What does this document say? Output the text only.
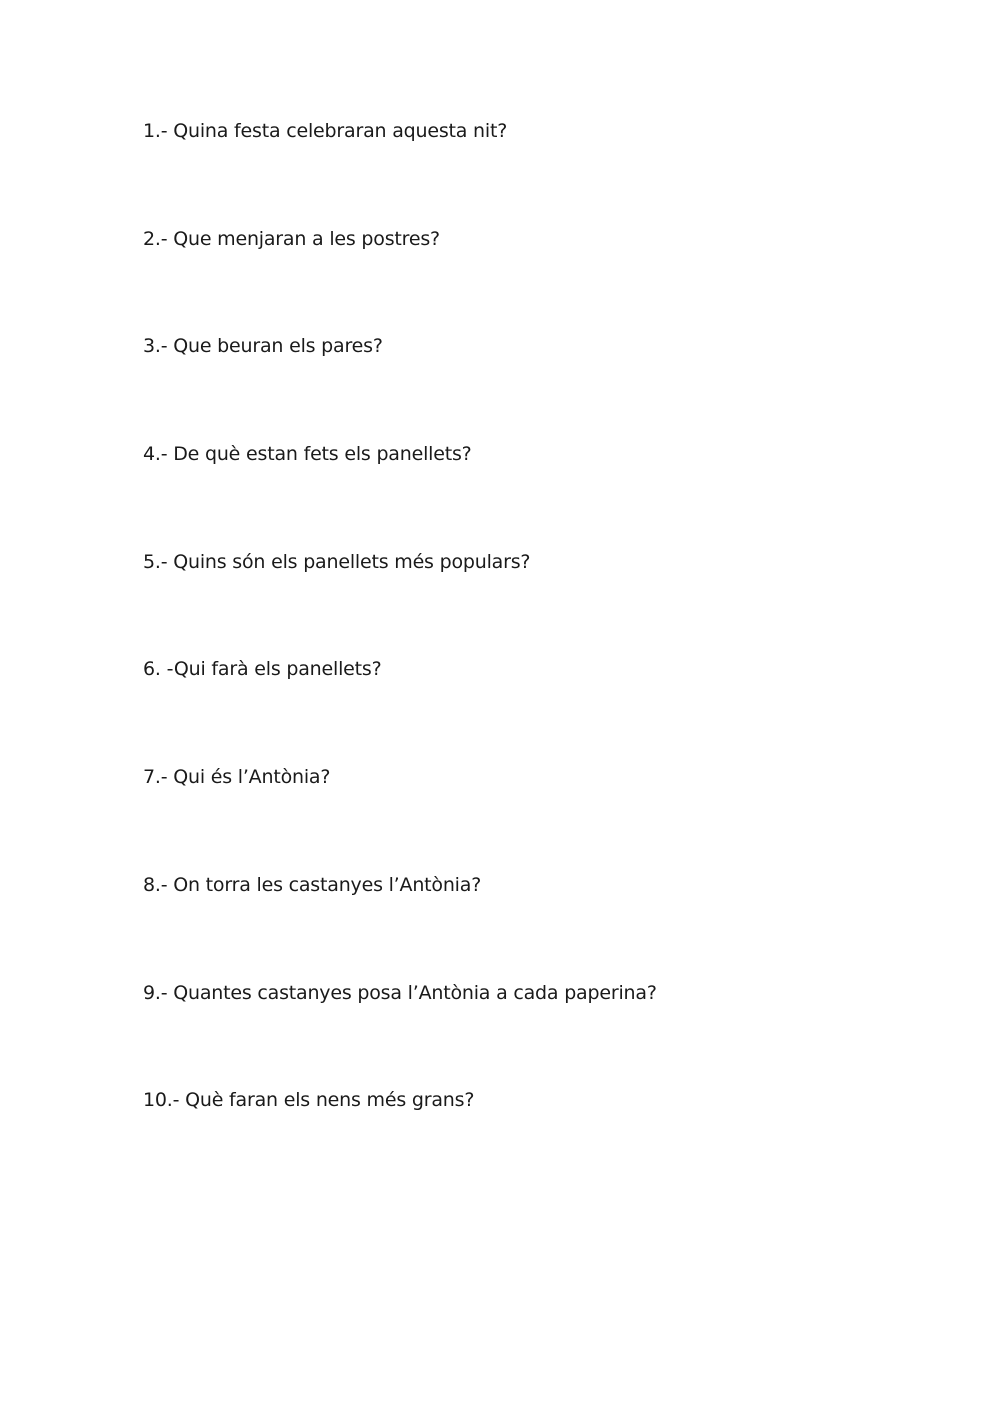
1.- Quina festa celebraran aquesta nit?
2.- Que menjaran a les postres?
3.- Que beuran els pares?
4.- De què estan fets els panellets?
5.- Quins són els panellets més populars?
6. -Qui farà els panellets?
7.- Qui és l’Antònia?
8.- On torra les castanyes l’Antònia?
9.- Quantes castanyes posa l’Antònia a cada paperina?
10.- Què faran els nens més grans?
